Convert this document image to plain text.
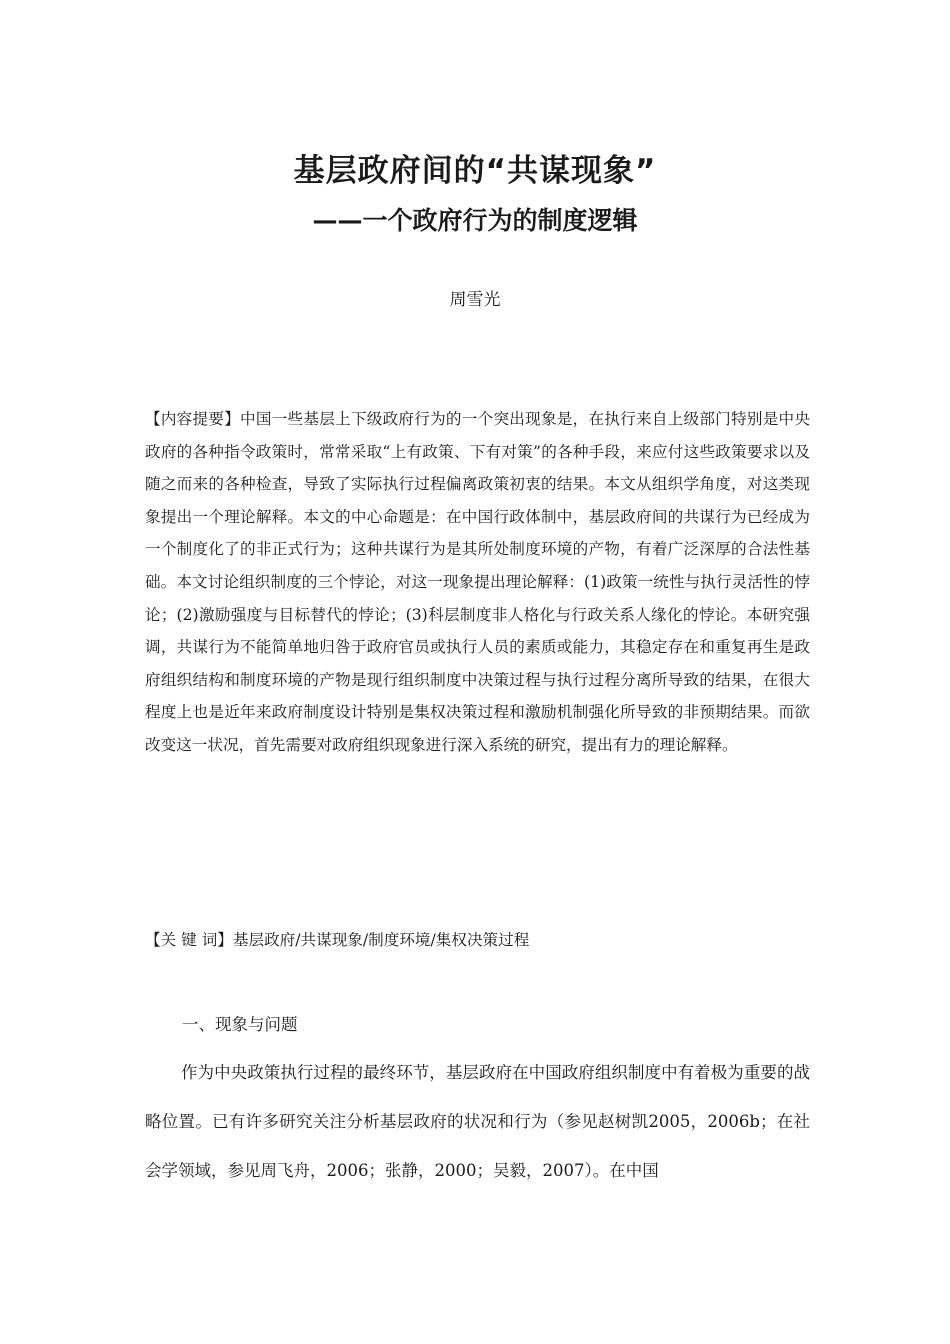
基层政府间的“共谋现象”
——一个政府行为的制度逻辑
周雪光

【内容提要】中国一些基层上下级政府行为的一个突出现象是，在执行来自上级部门特别是中央政府的各种指令政策时，常常采取“上有政策、下有对策”的各种手段，来应付这些政策要求以及随之而来的各种检查，导致了实际执行过程偏离政策初衷的结果。本文从组织学角度，对这类现象提出一个理论解释。本文的中心命题是：在中国行政体制中，基层政府间的共谋行为已经成为一个制度化了的非正式行为；这种共谋行为是其所处制度环境的产物，有着广泛深厚的合法性基础。本文讨论组织制度的三个悖论，对这一现象提出理论解释：(1)政策一统性与执行灵活性的悖论；(2)激励强度与目标替代的悖论；(3)科层制度非人格化与行政关系人缘化的悖论。本研究强调，共谋行为不能简单地归咎于政府官员或执行人员的素质或能力，其稳定存在和重复再生是政府组织结构和制度环境的产物是现行组织制度中决策过程与执行过程分离所导致的结果，在很大程度上也是近年来政府制度设计特别是集权决策过程和激励机制强化所导致的非预期结果。而欲改变这一状况，首先需要对政府组织现象进行深入系统的研究，提出有力的理论解释。

【关 键 词】基层政府/共谋现象/制度环境/集权决策过程

一、现象与问题

作为中央政策执行过程的最终环节，基层政府在中国政府组织制度中有着极为重要的战略位置。已有许多研究关注分析基层政府的状况和行为（参见赵树凯2005，2006b；在社会学领域，参见周飞舟，2006；张静，2000；吴毅，2007）。在中国
